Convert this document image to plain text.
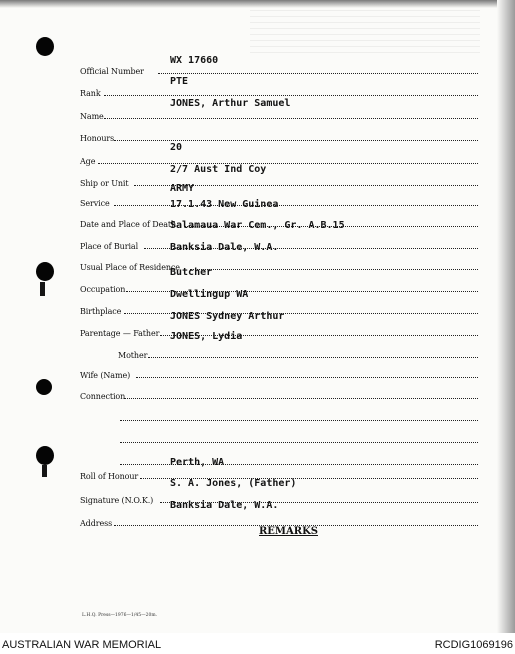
Official Number
WX 17660
Rank
PTE
Name
JONES, Arthur Samuel
Honours
Age
20
Ship or Unit
2/7 Aust Ind Coy
Service
ARMY
Date and Place of Death
17.1.43 New Guinea
Place of Burial
Salamaua War Cem., Gr. A.B.15
Usual Place of Residence
Banksia Dale, W.A.
Occupation
Butcher
Birthplace
Dwellingup WA
Parentage — Father
JONES Sydney Arthur
Mother
JONES, Lydia
Wife (Name)
Connection
Roll of Honour
Perth, WA
Signature (N.O.K.)
S. A. Jones, (Father)
Address
Banksia Dale, W.A.
REMARKS
L.H.Q. Press—1976—1/45—20m.
AUSTRALIAN WAR MEMORIAL	RCDIG1069196
